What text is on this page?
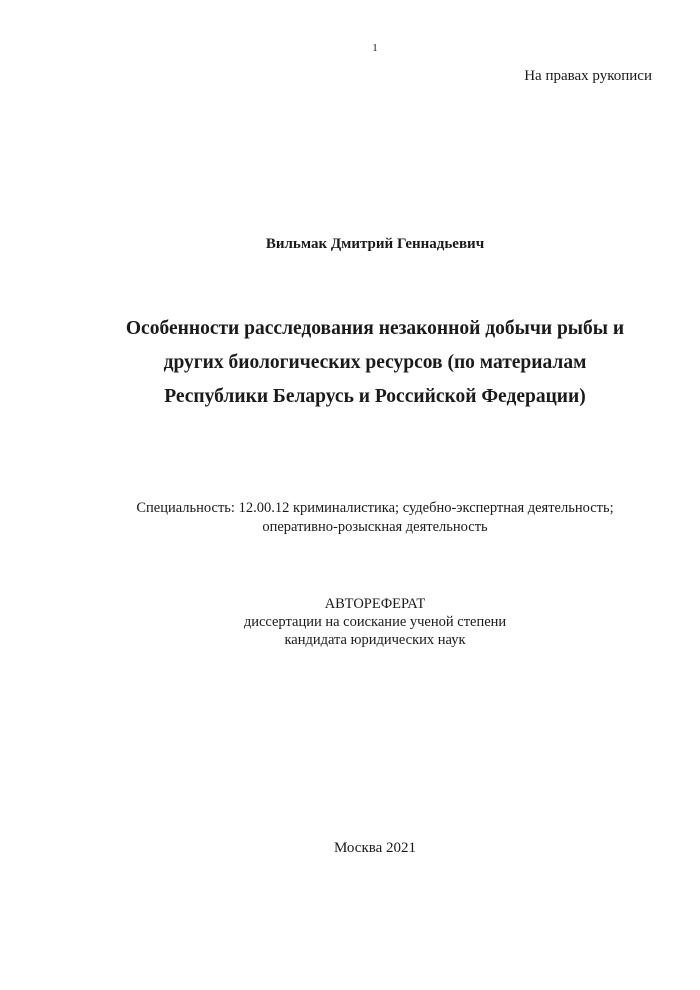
1
На правах рукописи
Вильмак Дмитрий Геннадьевич
Особенности расследования незаконной добычи рыбы и
других биологических ресурсов (по материалам
Республики Беларусь и Российской Федерации)
Специальность: 12.00.12 криминалистика; судебно-экспертная деятельность;
оперативно-розыскная деятельность
АВТОРЕФЕРАТ
диссертации на соискание ученой степени
кандидата юридических наук
Москва 2021
